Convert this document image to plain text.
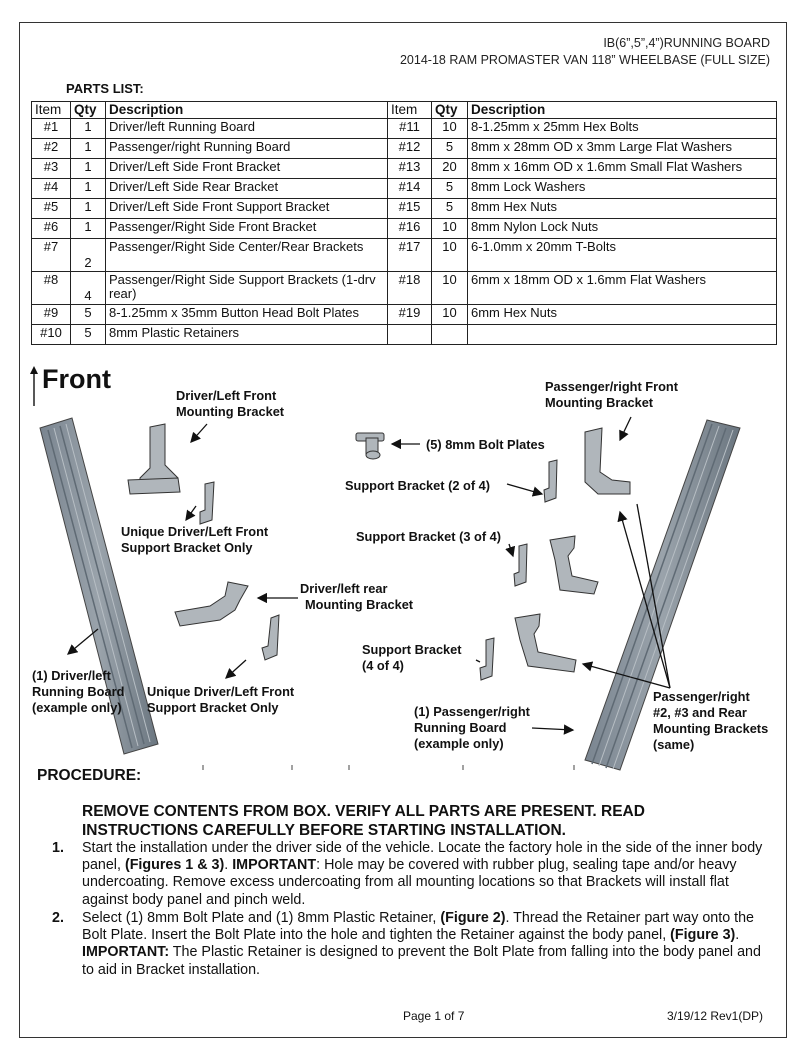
IB(6”,5”,4”)RUNNING BOARD
2014-18 RAM PROMASTER VAN 118” WHEELBASE (FULL SIZE)
PARTS LIST:
Item	Qty	Description	Item	Qty	Description
#1	1	Driver/left Running Board	#11	10	8-1.25mm x 25mm Hex Bolts
#2	1	Passenger/right Running Board	#12	5	8mm x 28mm OD x 3mm Large Flat Washers
#3	1	Driver/Left Side Front Bracket	#13	20	8mm x 16mm OD x 1.6mm Small Flat Washers
#4	1	Driver/Left Side Rear Bracket	#14	5	8mm Lock Washers
#5	1	Driver/Left Side Front Support Bracket	#15	5	8mm Hex Nuts
#6	1	Passenger/Right Side Front Bracket	#16	10	8mm Nylon Lock Nuts
#7	2	Passenger/Right Side Center/Rear Brackets	#17	10	6-1.0mm x 20mm T-Bolts
#8	4	Passenger/Right Side Support Brackets (1-drv rear)	#18	10	6mm x 18mm OD x 1.6mm Flat Washers
#9	5	8-1.25mm x 35mm Button Head Bolt Plates	#19	10	6mm Hex Nuts
#10	5	8mm Plastic Retainers			
Front
Driver/Left Front
Mounting Bracket
Unique Driver/Left Front
Support Bracket Only
Driver/left rear
Mounting Bracket
(1) Driver/left
Running Board
(example only)
Unique Driver/Left Front
Support Bracket Only
(5) 8mm Bolt Plates
Support Bracket (2 of 4)
Support Bracket (3 of 4)
Support Bracket
(4 of 4)
Passenger/right Front
Mounting Bracket
(1) Passenger/right
Running Board
(example only)
Passenger/right
#2, #3 and Rear
Mounting Brackets
(same)
PROCEDURE:
REMOVE CONTENTS FROM BOX. VERIFY ALL PARTS ARE PRESENT. READ INSTRUCTIONS CAREFULLY BEFORE STARTING INSTALLATION.
1. Start the installation under the driver side of the vehicle. Locate the factory hole in the side of the inner body panel, (Figures 1 & 3). IMPORTANT: Hole may be covered with rubber plug, sealing tape and/or heavy undercoating. Remove excess undercoating from all mounting locations so that Brackets will install flat against body panel and pinch weld.
2. Select (1) 8mm Bolt Plate and (1) 8mm Plastic Retainer, (Figure 2). Thread the Retainer part way onto the Bolt Plate. Insert the Bolt Plate into the hole and tighten the Retainer against the body panel, (Figure 3). IMPORTANT: The Plastic Retainer is designed to prevent the Bolt Plate from falling into the body panel and to aid in Bracket installation.
Page 1 of 7	3/19/12 Rev1(DP)
